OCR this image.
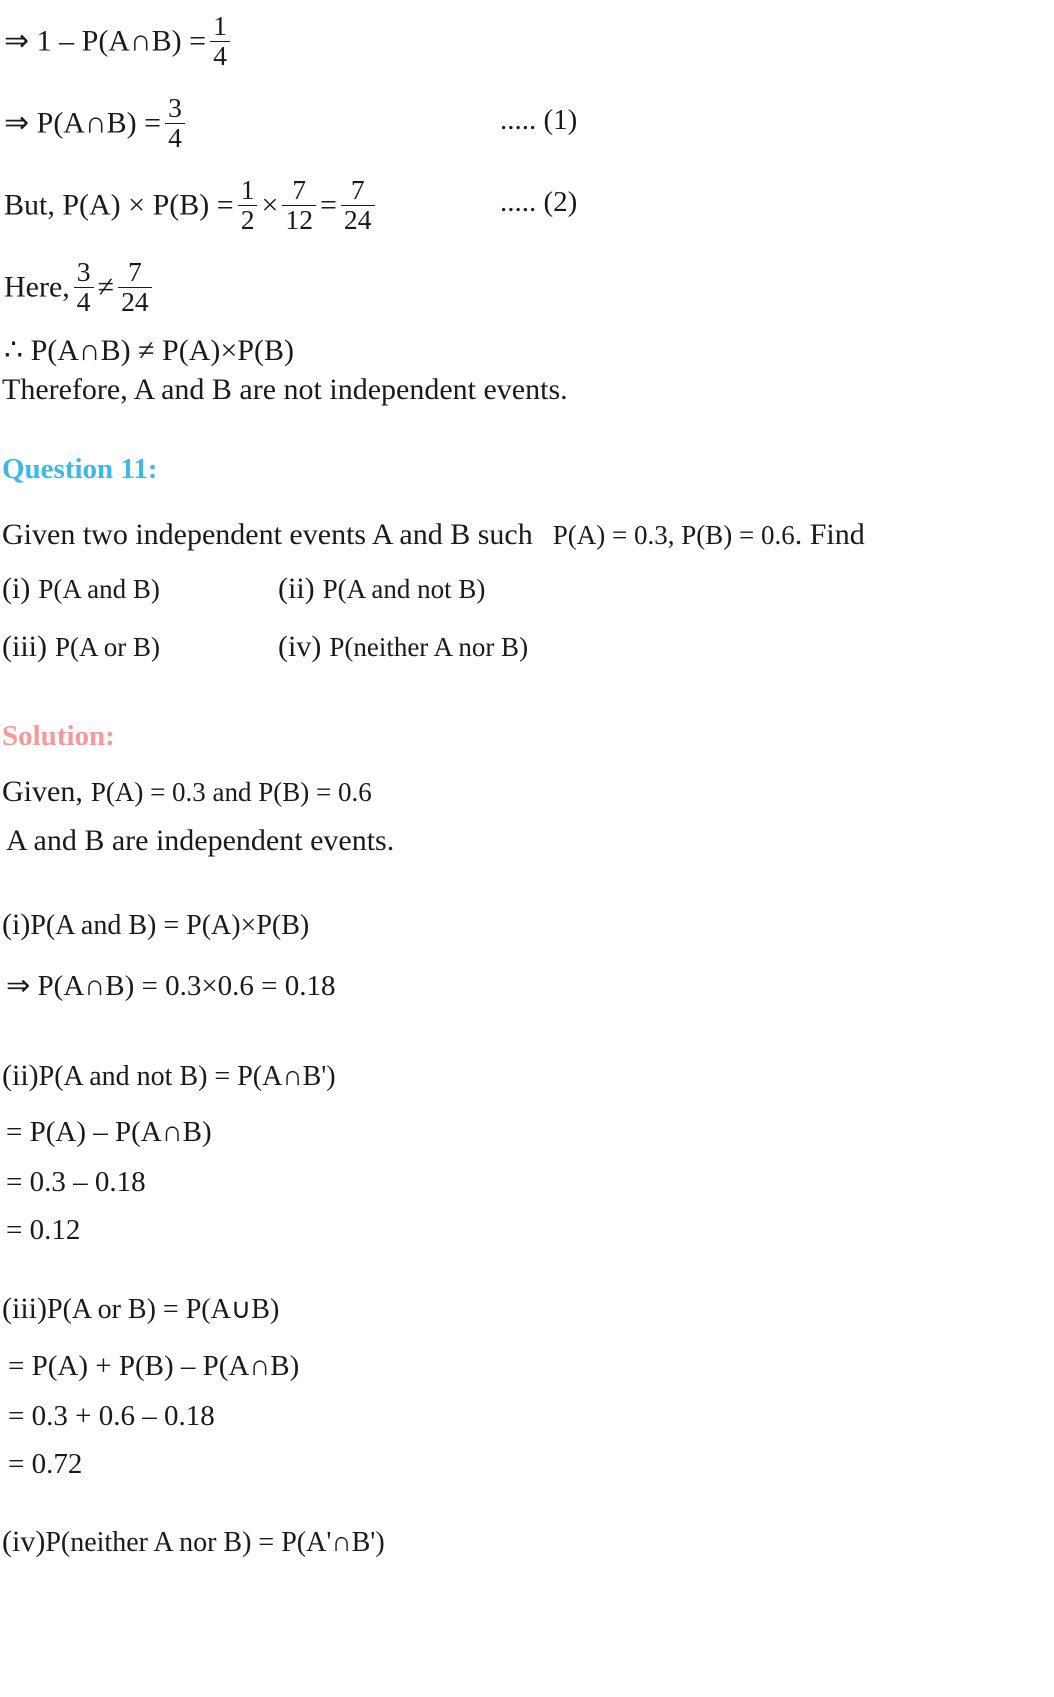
⇒ 1 – P(A∩B) = $\frac{1}{4}$
⇒ P(A∩B) = $\frac{3}{4}$	..... (1)
But, $P(A) \times P(B) = \frac{1}{2} \times \frac{7}{12} = \frac{7}{24}$	..... (2)
Here, $\frac{3}{4} \ne \frac{7}{24}$
∴ P(A∩B) ≠ P(A)×P(B)
Therefore, A and B are not independent events.
Question 11:
Given two independent events A and B such P(A) = 0.3, P(B) = 0.6. Find
(i) P(A and B)	(ii) P(A and not B)
(iii) P(A or B)	(iv) P(neither A nor B)
Solution:
Given, P(A) = 0.3 and P(B) = 0.6
A and B are independent events.
(i)P(A and B) = P(A)×P(B)
⇒ P(A∩B) = 0.3×0.6 = 0.18
(ii)P(A and not B) = P(A∩B')
= P(A) – P(A∩B)
= 0.3 – 0.18
= 0.12
(iii)P(A or B) = P(A∪B)
= P(A) + P(B) – P(A∩B)
= 0.3 + 0.6 – 0.18
= 0.72
(iv)P(neither A nor B) = P(A'∩B')
